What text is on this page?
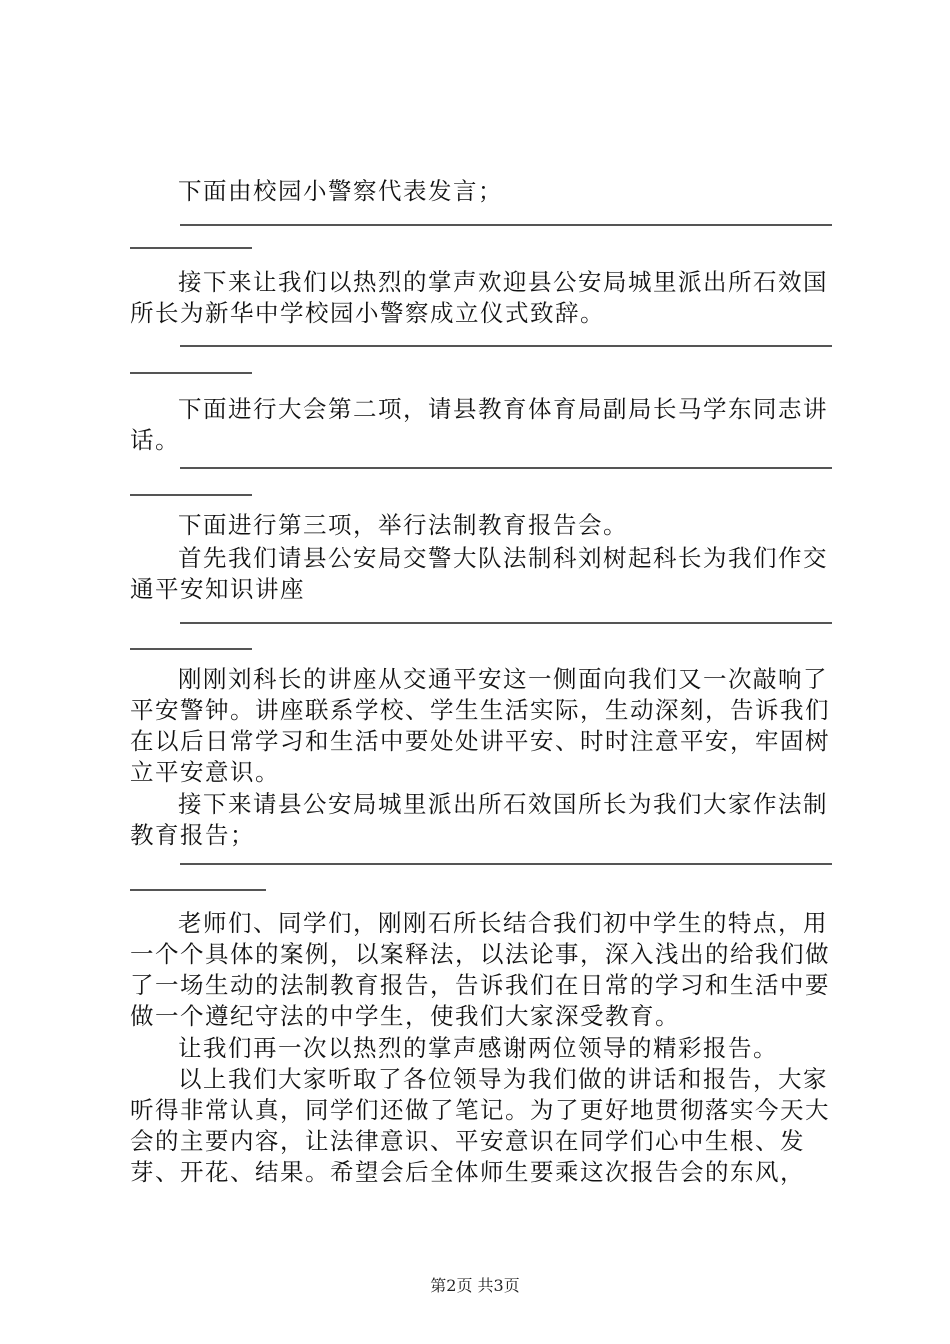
下面由校园小警察代表发言；

接下来让我们以热烈的掌声欢迎县公安局城里派出所石效国所长为新华中学校园小警察成立仪式致辞。

下面进行大会第二项，请县教育体育局副局长马学东同志讲话。

下面进行第三项，举行法制教育报告会。

首先我们请县公安局交警大队法制科刘树起科长为我们作交通平安知识讲座

刚刚刘科长的讲座从交通平安这一侧面向我们又一次敲响了平安警钟。讲座联系学校、学生生活实际，生动深刻，告诉我们在以后日常学习和生活中要处处讲平安、时时注意平安，牢固树立平安意识。

接下来请县公安局城里派出所石效国所长为我们大家作法制教育报告；

老师们、同学们，刚刚石所长结合我们初中学生的特点，用一个个具体的案例，以案释法，以法论事，深入浅出的给我们做了一场生动的法制教育报告，告诉我们在日常的学习和生活中要做一个遵纪守法的中学生，使我们大家深受教育。

让我们再一次以热烈的掌声感谢两位领导的精彩报告。

以上我们大家听取了各位领导为我们做的讲话和报告，大家听得非常认真，同学们还做了笔记。为了更好地贯彻落实今天大会的主要内容，让法律意识、平安意识在同学们心中生根、发芽、开花、结果。希望会后全体师生要乘这次报告会的东风，

第2页 共3页
